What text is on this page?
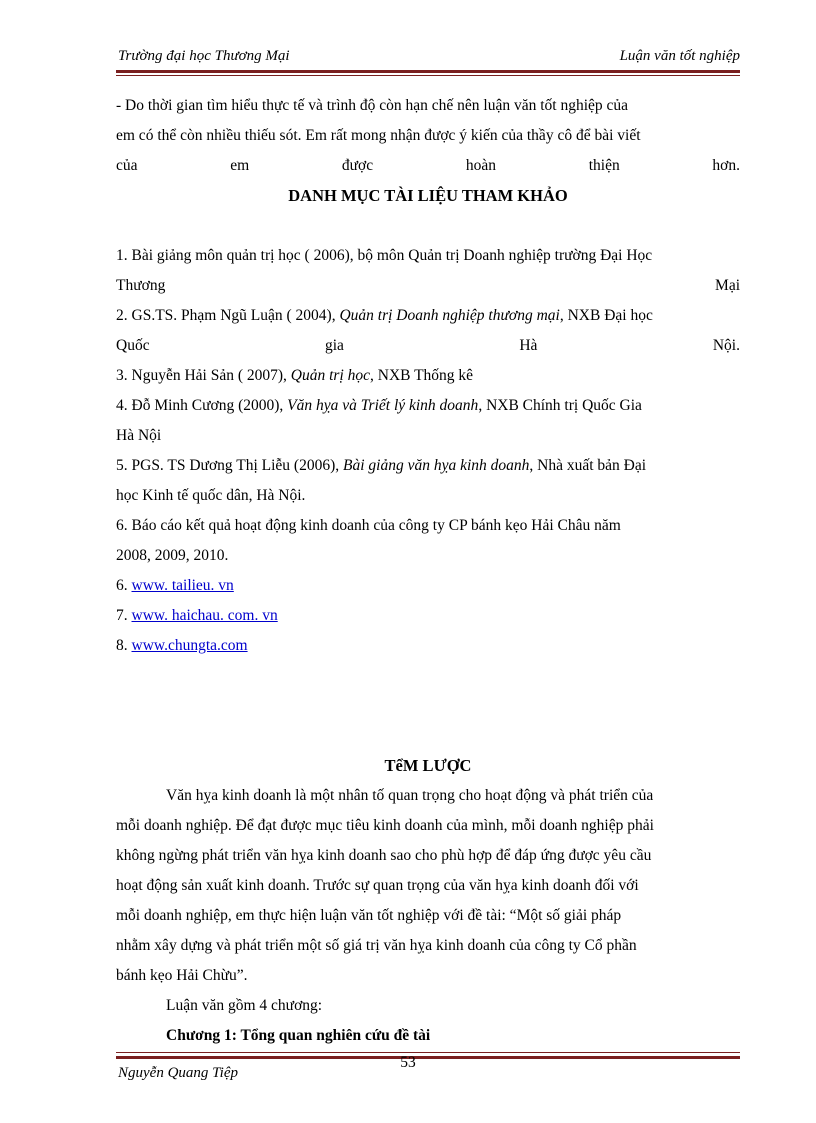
Trường đại học Thương Mại	Luận văn tốt nghiệp
- Do thời gian tìm hiểu thực tế và trình độ còn hạn chế nên luận văn tốt nghiệp của
em có thể còn nhiều thiếu sót. Em rất mong nhận được ý kiến của thầy cô để bài viết
của	em	được	hoàn	thiện	hơn.
DANH MỤC TÀI LIỆU THAM KHẢO
1. Bài giảng môn quản trị học ( 2006), bộ môn Quản trị Doanh nghiệp trường Đại Học
Thương	Mại
2. GS.TS. Phạm Ngũ Luận ( 2004), Quản trị Doanh nghiệp thương mại, NXB Đại học
Quốc	gia	Hà	Nội.
3. Nguyễn Hải Sản ( 2007), Quản trị học, NXB Thống kê
4. Đỗ Minh Cương (2000), Văn hỵa và Triết lý kinh doanh, NXB Chính trị Quốc Gia
Hà Nội
5. PGS. TS Dương Thị Liễu (2006), Bài giảng văn hỵa kinh doanh, Nhà xuất bản Đại
học Kinh tế quốc dân, Hà Nội.
6. Báo cáo kết quả hoạt động kinh doanh của công ty CP bánh kẹo Hải Châu năm
2008, 2009, 2010.
6. www. tailieu. vn
7. www. haichau. com. vn
8. www.chungta.com
TểM LƯỢC
Văn hỵa kinh doanh là một nhân tố quan trọng cho hoạt động và phát triển của
mỗi doanh nghiệp. Để đạt được mục tiêu kinh doanh của mình, mỗi doanh nghiệp phải
không ngừng phát triển văn hỵa kinh doanh sao cho phù hợp để đáp ứng được yêu cầu
hoạt động sản xuất kinh doanh. Trước sự quan trọng của văn hỵa kinh doanh đối với
mỗi doanh nghiệp, em thực hiện luận văn tốt nghiệp với đề tài: “Một số giải pháp
nhằm xây dựng và phát triển một số giá trị văn hỵa kinh doanh của công ty Cổ phần
bánh kẹo Hải Chừu”.
Luận văn gồm 4 chương:
Chương 1: Tổng quan nghiên cứu đề tài
53
Nguyễn Quang Tiệp
